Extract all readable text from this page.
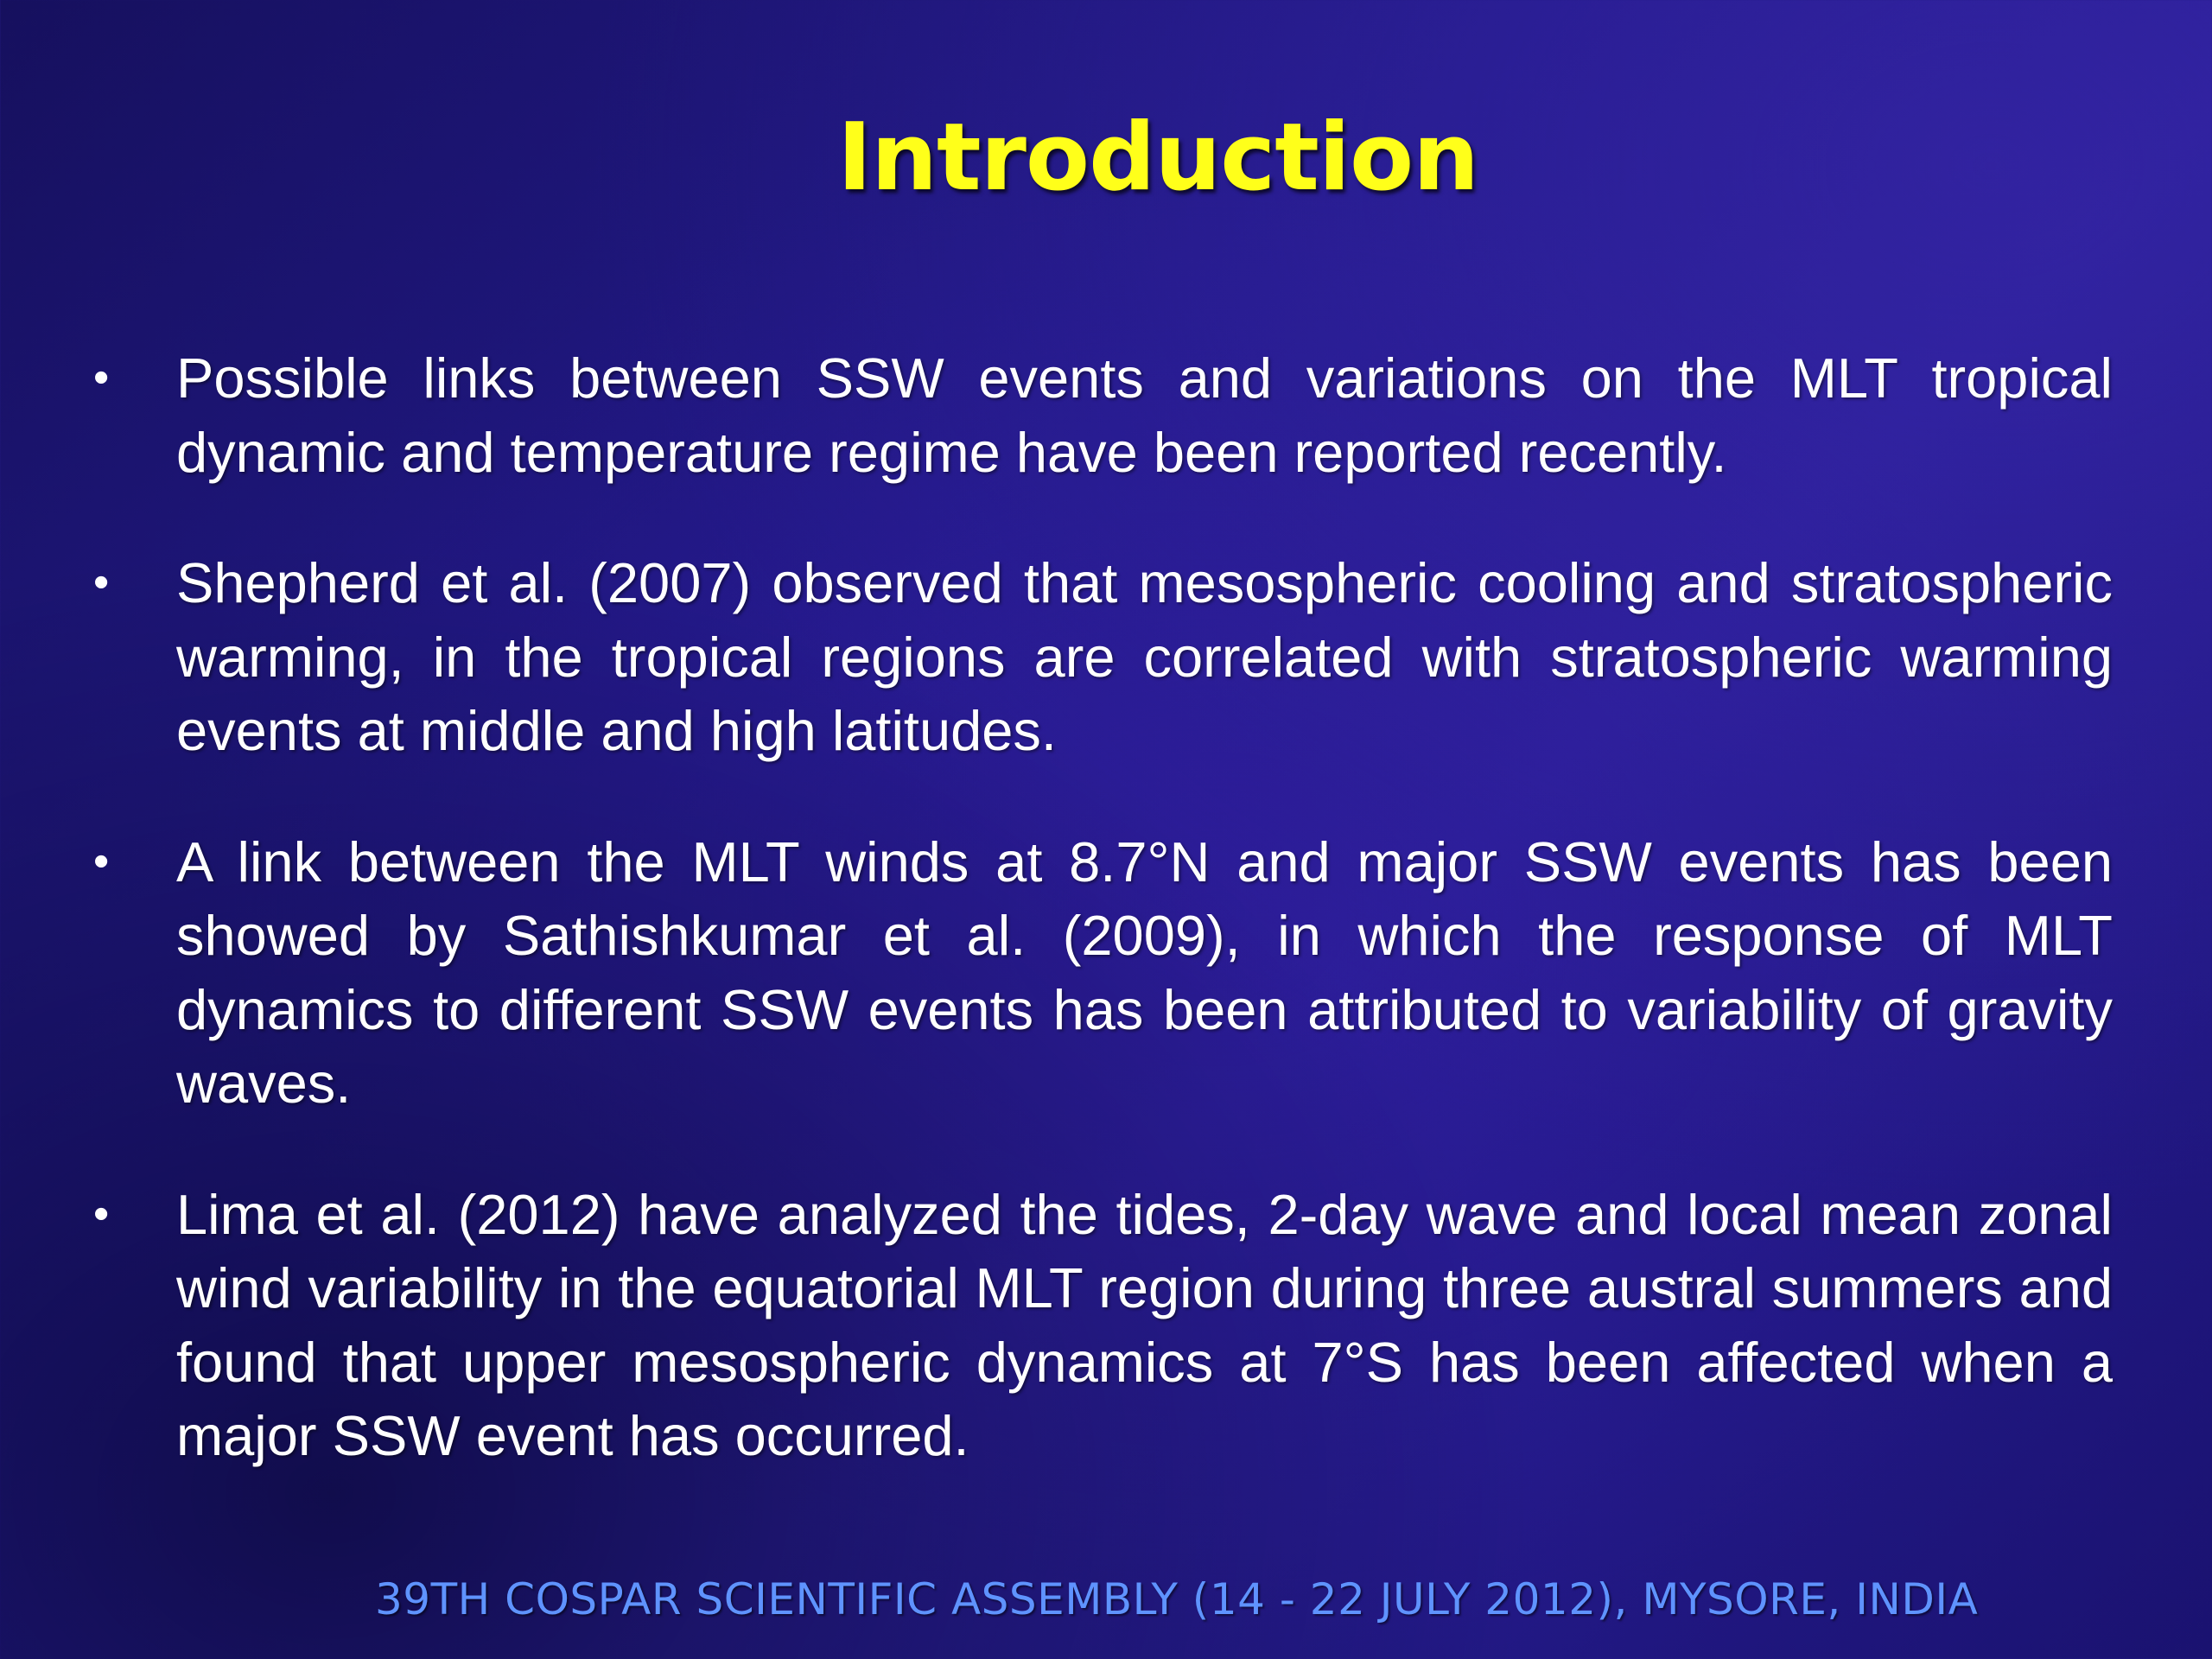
Introduction
• Possible links between SSW events and variations on the MLT tropical dynamic and temperature regime have been reported recently.
• Shepherd et al. (2007) observed that mesospheric cooling and stratospheric warming, in the tropical regions are correlated with stratospheric warming events at middle and high latitudes.
• A link between the MLT winds at 8.7°N and major SSW events has been showed by Sathishkumar et al. (2009), in which the response of MLT dynamics to different SSW events has been attributed to variability of gravity waves.
• Lima et al. (2012) have analyzed the tides, 2-day wave and local mean zonal wind variability in the equatorial MLT region during three austral summers and found that upper mesospheric dynamics at 7°S has been affected when a major SSW event has occurred.
39TH COSPAR SCIENTIFIC ASSEMBLY (14 - 22 JULY 2012), MYSORE, INDIA
